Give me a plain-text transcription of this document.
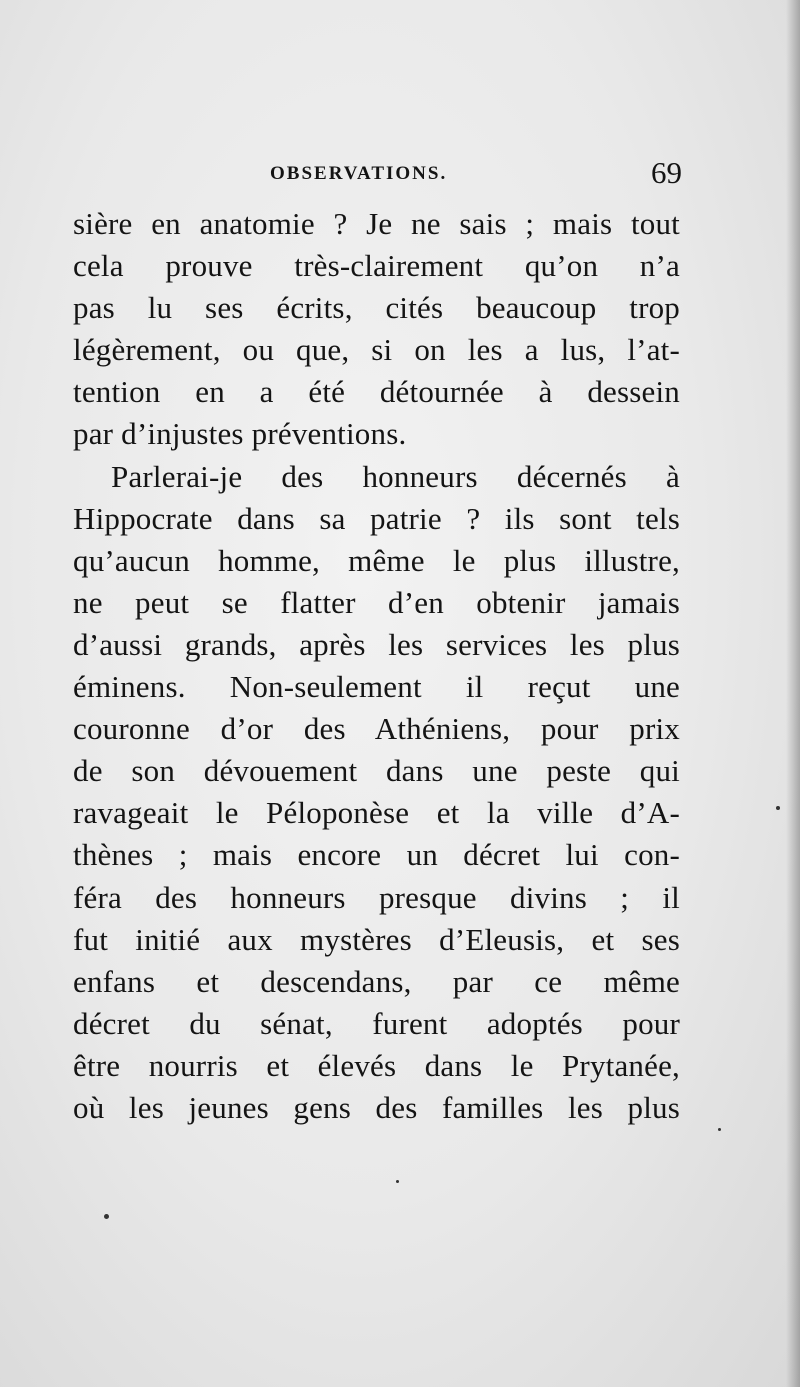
OBSERVATIONS.	69
sière en anatomie ? Je ne sais ; mais tout
cela prouve très-clairement qu’on n’a
pas lu ses écrits, cités beaucoup trop
légèrement, ou que, si on les a lus, l’at-
tention en a été détournée à dessein
par d’injustes préventions.
Parlerai-je des honneurs décernés à
Hippocrate dans sa patrie ? ils sont tels
qu’aucun homme, même le plus illustre,
ne peut se flatter d’en obtenir jamais
d’aussi grands, après les services les plus
éminens. Non-seulement il reçut une
couronne d’or des Athéniens, pour prix
de son dévouement dans une peste qui
ravageait le Péloponèse et la ville d’A-
thènes ; mais encore un décret lui con-
féra des honneurs presque divins ; il
fut initié aux mystères d’Eleusis, et ses
enfans et descendans, par ce même
décret du sénat, furent adoptés pour
être nourris et élevés dans le Prytanée,
où les jeunes gens des familles les plus
